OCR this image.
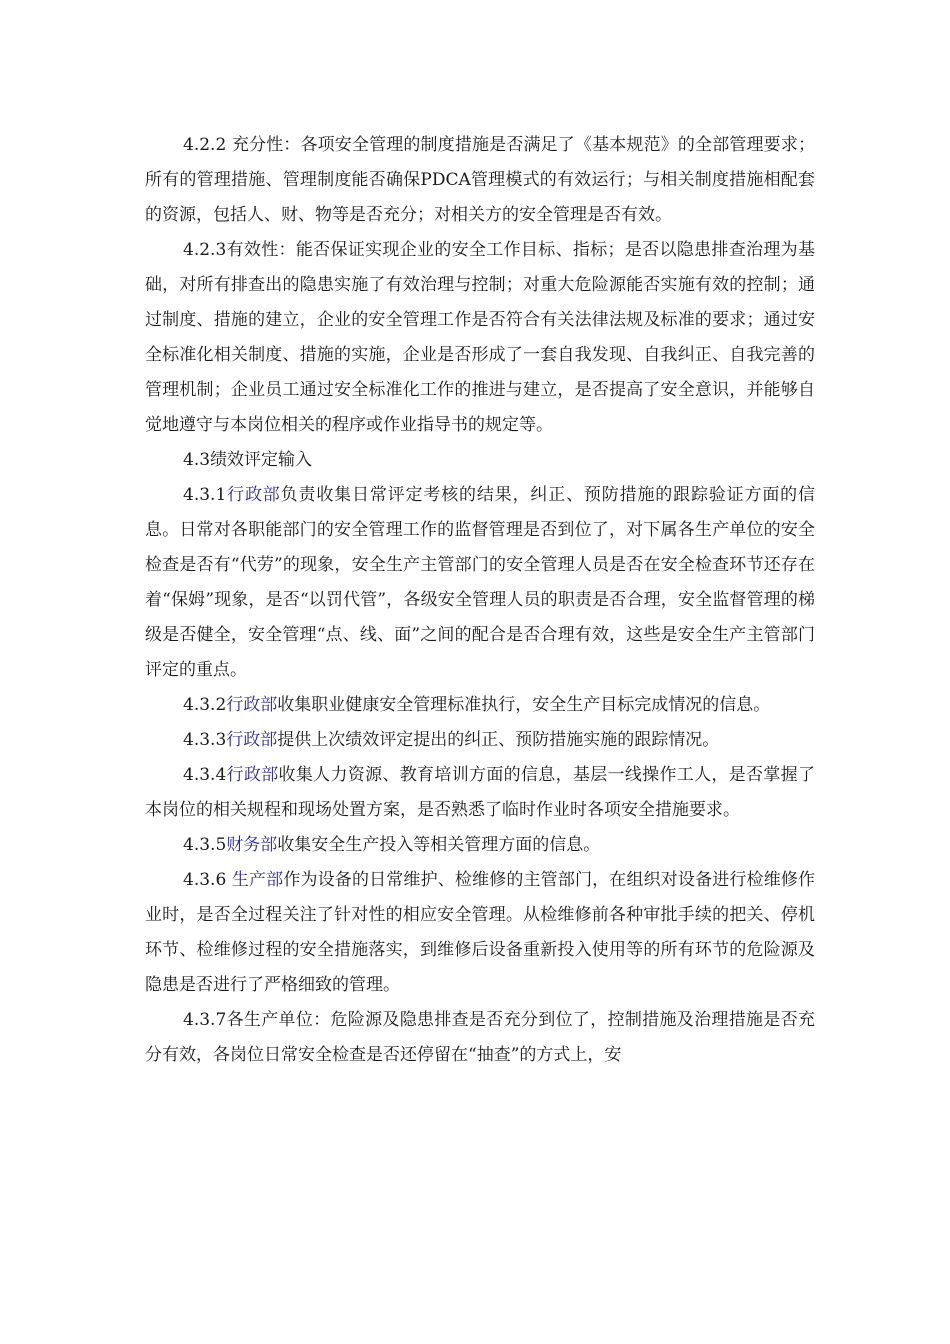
4.2.2 充分性：各项安全管理的制度措施是否满足了《基本规范》的全部管理要求；所有的管理措施、管理制度能否确保PDCA管理模式的有效运行；与相关制度措施相配套的资源，包括人、财、物等是否充分；对相关方的安全管理是否有效。

4.2.3有效性：能否保证实现企业的安全工作目标、指标；是否以隐患排查治理为基础，对所有排查出的隐患实施了有效治理与控制；对重大危险源能否实施有效的控制；通过制度、措施的建立，企业的安全管理工作是否符合有关法律法规及标准的要求；通过安全标准化相关制度、措施的实施，企业是否形成了一套自我发现、自我纠正、自我完善的管理机制；企业员工通过安全标准化工作的推进与建立，是否提高了安全意识，并能够自觉地遵守与本岗位相关的程序或作业指导书的规定等。

4.3绩效评定输入

4.3.1行政部负责收集日常评定考核的结果，纠正、预防措施的跟踪验证方面的信息。日常对各职能部门的安全管理工作的监督管理是否到位了，对下属各生产单位的安全检查是否有“代劳”的现象，安全生产主管部门的安全管理人员是否在安全检查环节还存在着“保姆”现象，是否“以罚代管”，各级安全管理人员的职责是否合理，安全监督管理的梯级是否健全，安全管理“点、线、面”之间的配合是否合理有效，这些是安全生产主管部门评定的重点。

4.3.2行政部收集职业健康安全管理标准执行，安全生产目标完成情况的信息。

4.3.3行政部提供上次绩效评定提出的纠正、预防措施实施的跟踪情况。

4.3.4行政部收集人力资源、教育培训方面的信息，基层一线操作工人，是否掌握了本岗位的相关规程和现场处置方案，是否熟悉了临时作业时各项安全措施要求。

4.3.5财务部收集安全生产投入等相关管理方面的信息。

4.3.6 生产部作为设备的日常维护、检维修的主管部门，在组织对设备进行检维修作业时，是否全过程关注了针对性的相应安全管理。从检维修前各种审批手续的把关、停机环节、检维修过程的安全措施落实，到维修后设备重新投入使用等的所有环节的危险源及隐患是否进行了严格细致的管理。

4.3.7各生产单位：危险源及隐患排查是否充分到位了，控制措施及治理措施是否充分有效，各岗位日常安全检查是否还停留在“抽查”的方式上，安
